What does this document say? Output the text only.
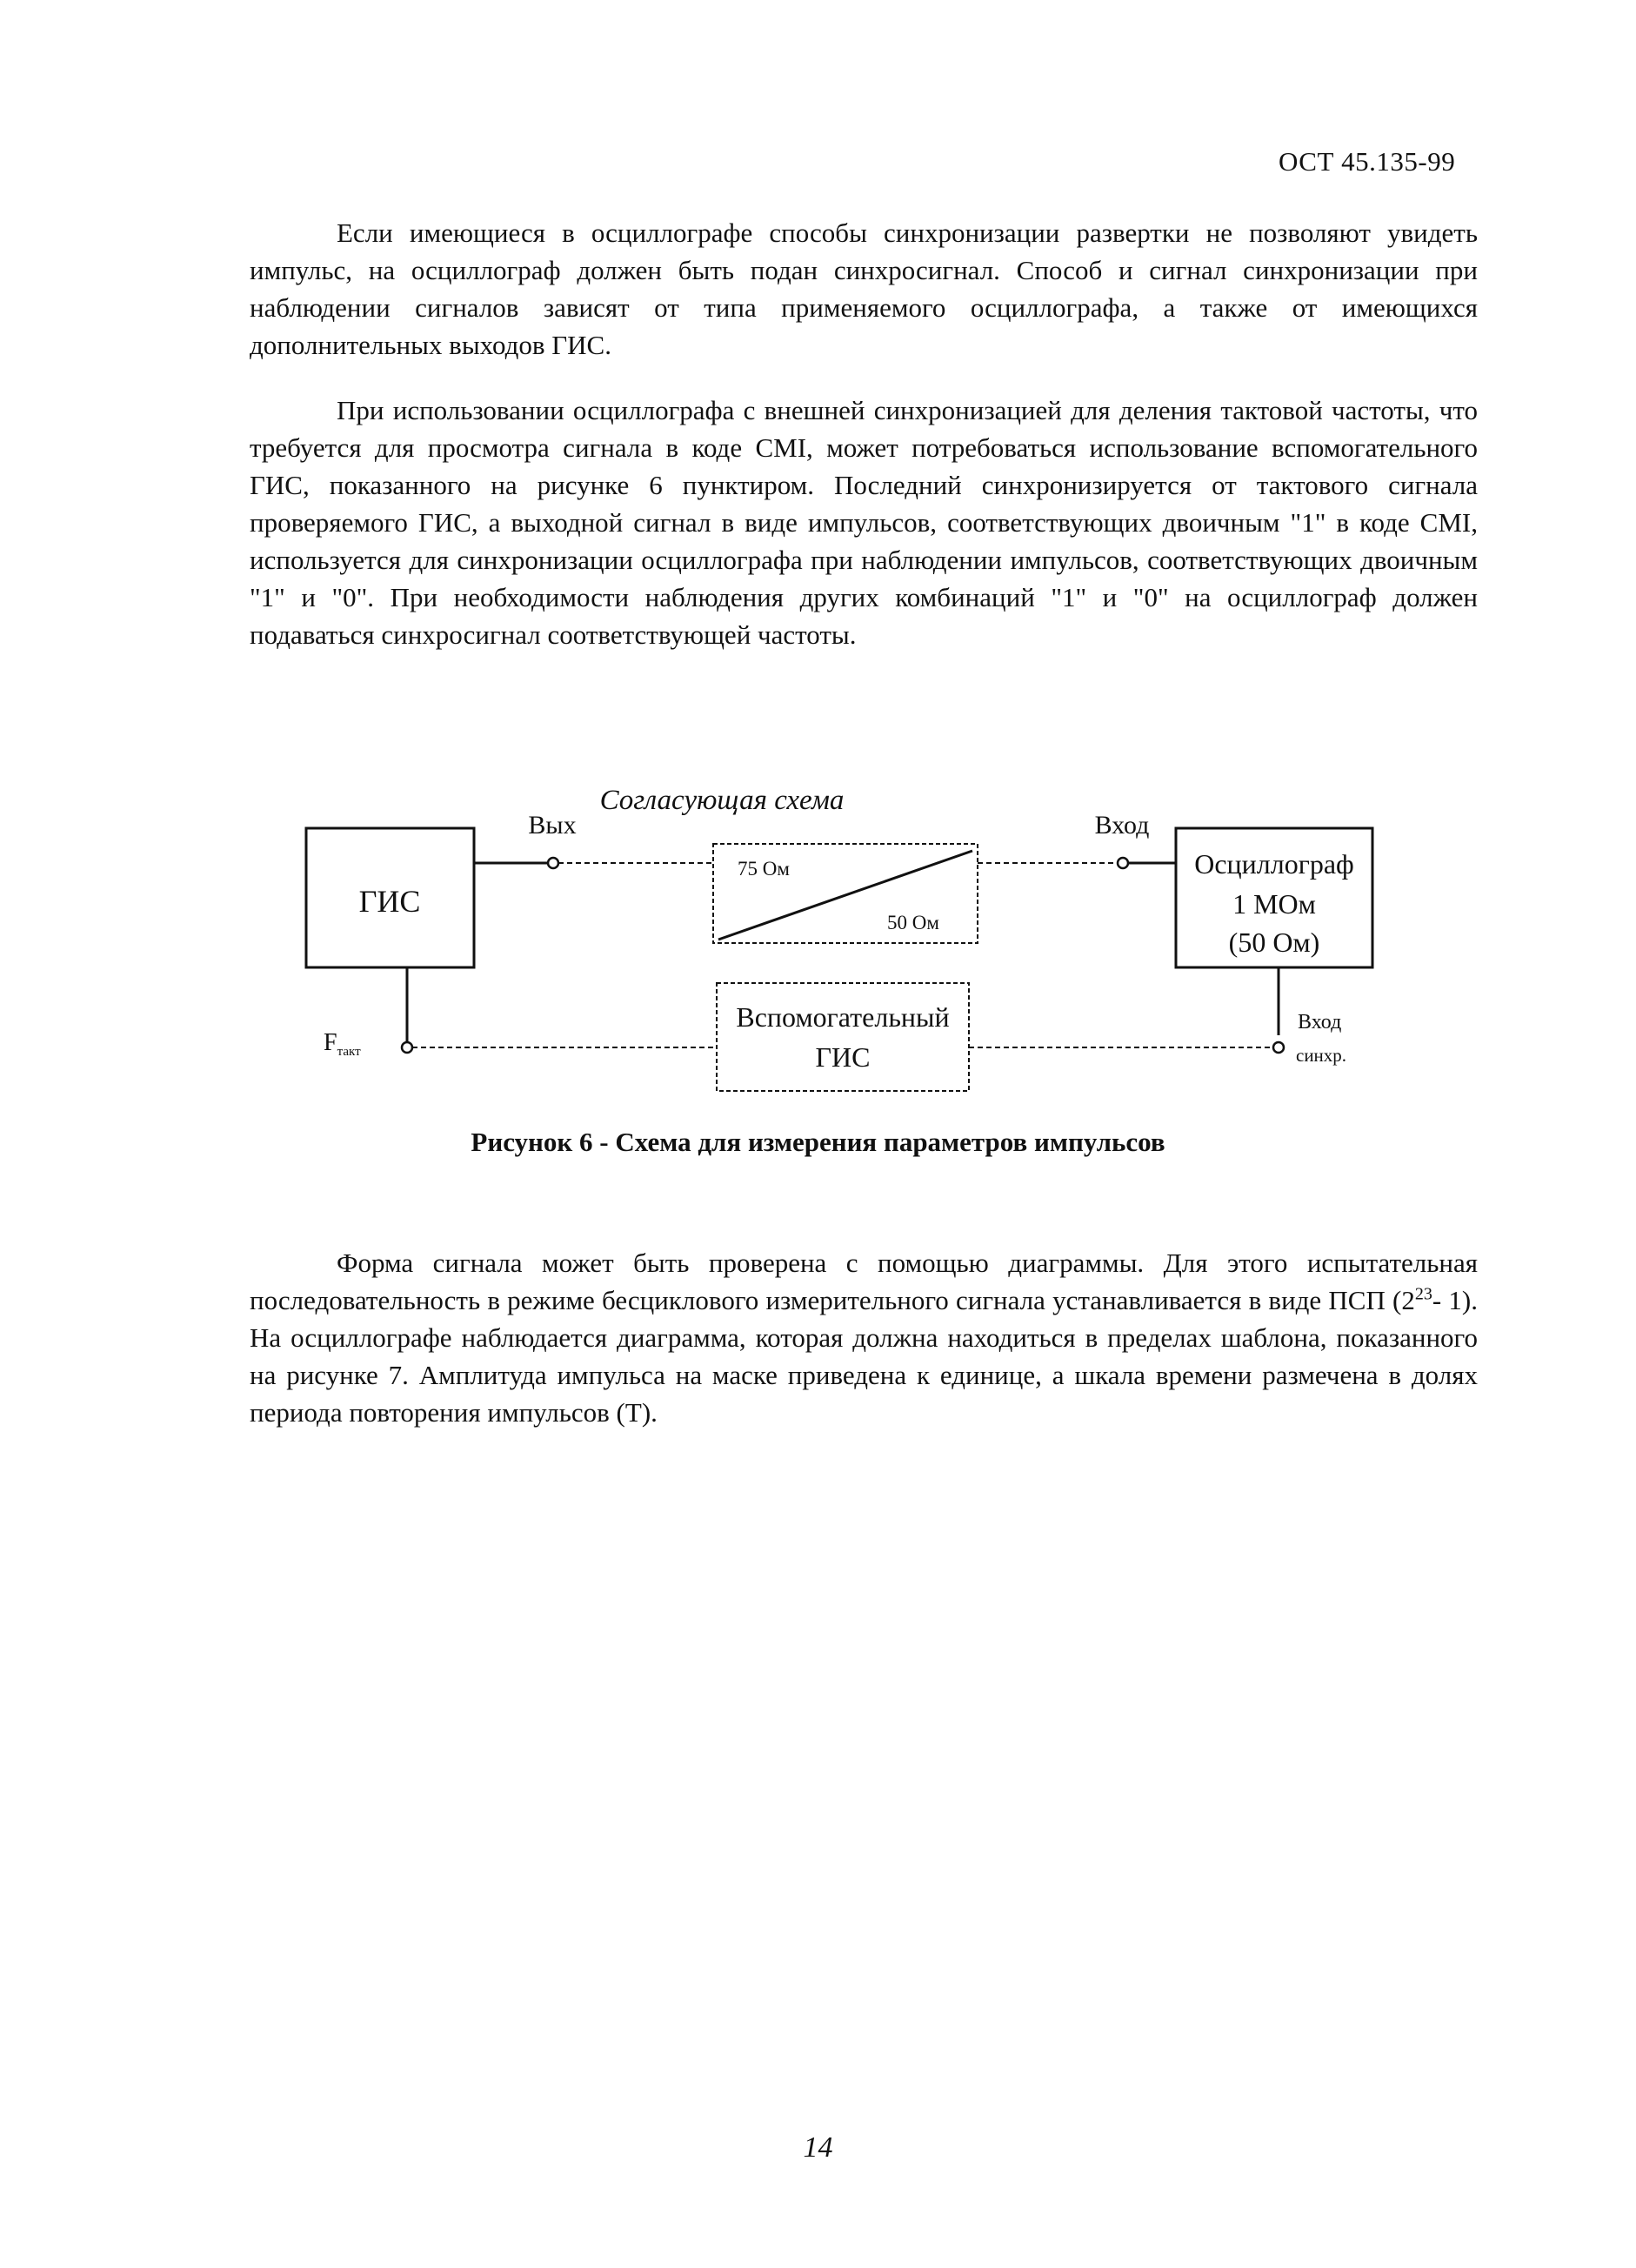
ОСТ 45.135-99

Если имеющиеся в осциллографе способы синхронизации развертки не позволяют увидеть импульс, на осциллограф должен быть подан синхросигнал. Способ и сигнал синхронизации при наблюдении сигналов зависят от типа применяемого осциллографа, а также от имеющихся дополнительных выходов ГИС.

При использовании осциллографа с внешней синхронизацией для деления тактовой частоты, что требуется для просмотра сигнала в коде CMI, может потребоваться использование вспомогательного ГИС, показанного на рисунке 6 пунктиром. Последний синхронизируется от тактового сигнала проверяемого ГИС, а выходной сигнал в виде импульсов, соответствующих двоичным "1" в коде CMI, используется для синхронизации осциллографа при наблюдении импульсов, соответствующих двоичным "1" и "0". При необходимости наблюдения других комбинаций "1" и "0" на осциллограф должен подаваться синхросигнал соответствующей частоты.

Согласующая схема
ГИС
Вых
75 Ом
50 Ом
Вход
Осциллограф
1 МОм
(50 Ом)
$F_{такт}$
Вспомогательный
ГИС
Вход
синхр.
Рисунок 6 - Схема для измерения параметров импульсов

Форма сигнала может быть проверена с помощью диаграммы. Для этого испытательная последовательность в режиме бесциклового измерительного сигнала устанавливается в виде ПСП ($2^{23}-$ 1). На осциллографе наблюдается диаграмма, которая должна находиться в пределах шаблона, показанного на рисунке 7. Амплитуда импульса на маске приведена к единице, а шкала времени размечена в долях периода повторения импульсов (Т).

14
